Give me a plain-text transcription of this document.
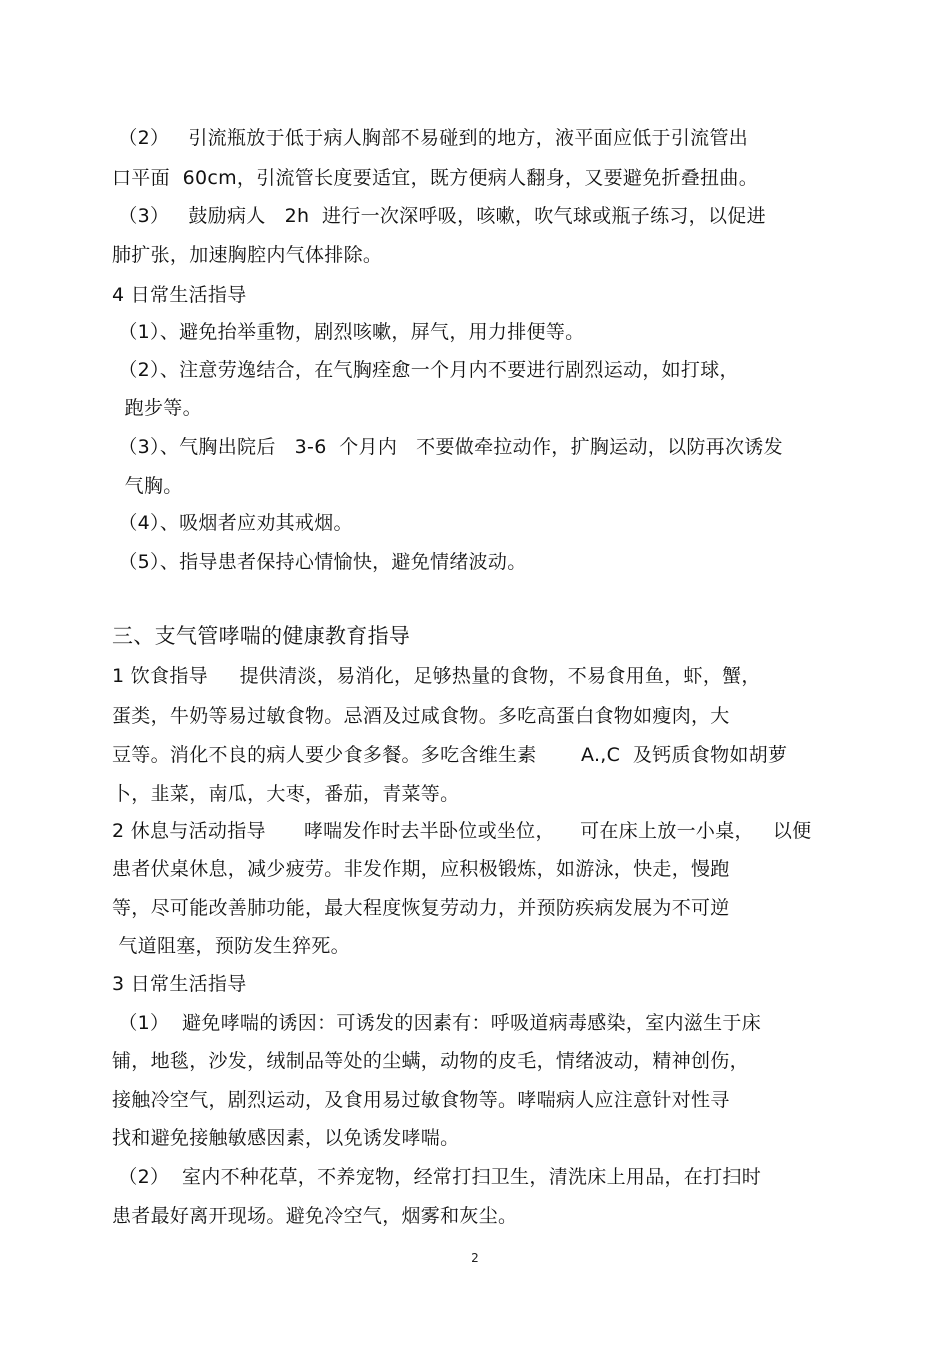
（2）   引流瓶放于低于病人胸部不易碰到的地方，液平面应低于引流管出
口平面  60cm，引流管长度要适宜，既方便病人翻身，又要避免折叠扭曲。
（3）   鼓励病人   2h  进行一次深呼吸，咳嗽，吹气球或瓶子练习，以促进
肺扩张，加速胸腔内气体排除。
4 日常生活指导
（1）、避免抬举重物，剧烈咳嗽，屏气，用力排便等。
（2）、注意劳逸结合，在气胸痊愈一个月内不要进行剧烈运动，如打球，
跑步等。
（3）、气胸出院后   3-6  个月内   不要做牵拉动作，扩胸运动，以防再次诱发
气胸。
（4）、吸烟者应劝其戒烟。
（5）、指导患者保持心情愉快，避免情绪波动。
三、支气管哮喘的健康教育指导
1 饮食指导     提供清淡，易消化，足够热量的食物，不易食用鱼，虾，蟹，
蛋类，牛奶等易过敏食物。忌酒及过咸食物。多吃高蛋白食物如瘦肉，大
豆等。消化不良的病人要少食多餐。多吃含维生素       A.,C  及钙质食物如胡萝
卜，韭菜，南瓜，大枣，番茄，青菜等。
2 休息与活动指导      哮喘发作时去半卧位或坐位，    可在床上放一小桌，   以便
患者伏桌休息，减少疲劳。非发作期，应积极锻炼，如游泳，快走，慢跑
等，尽可能改善肺功能，最大程度恢复劳动力，并预防疾病发展为不可逆
气道阻塞，预防发生猝死。
3 日常生活指导
（1）  避免哮喘的诱因：可诱发的因素有：呼吸道病毒感染，室内滋生于床
铺，地毯，沙发，绒制品等处的尘螨，动物的皮毛，情绪波动，精神创伤，
接触冷空气，剧烈运动，及食用易过敏食物等。哮喘病人应注意针对性寻
找和避免接触敏感因素，以免诱发哮喘。
（2）  室内不种花草，不养宠物，经常打扫卫生，清洗床上用品，在打扫时
患者最好离开现场。避免冷空气，烟雾和灰尘。
2
